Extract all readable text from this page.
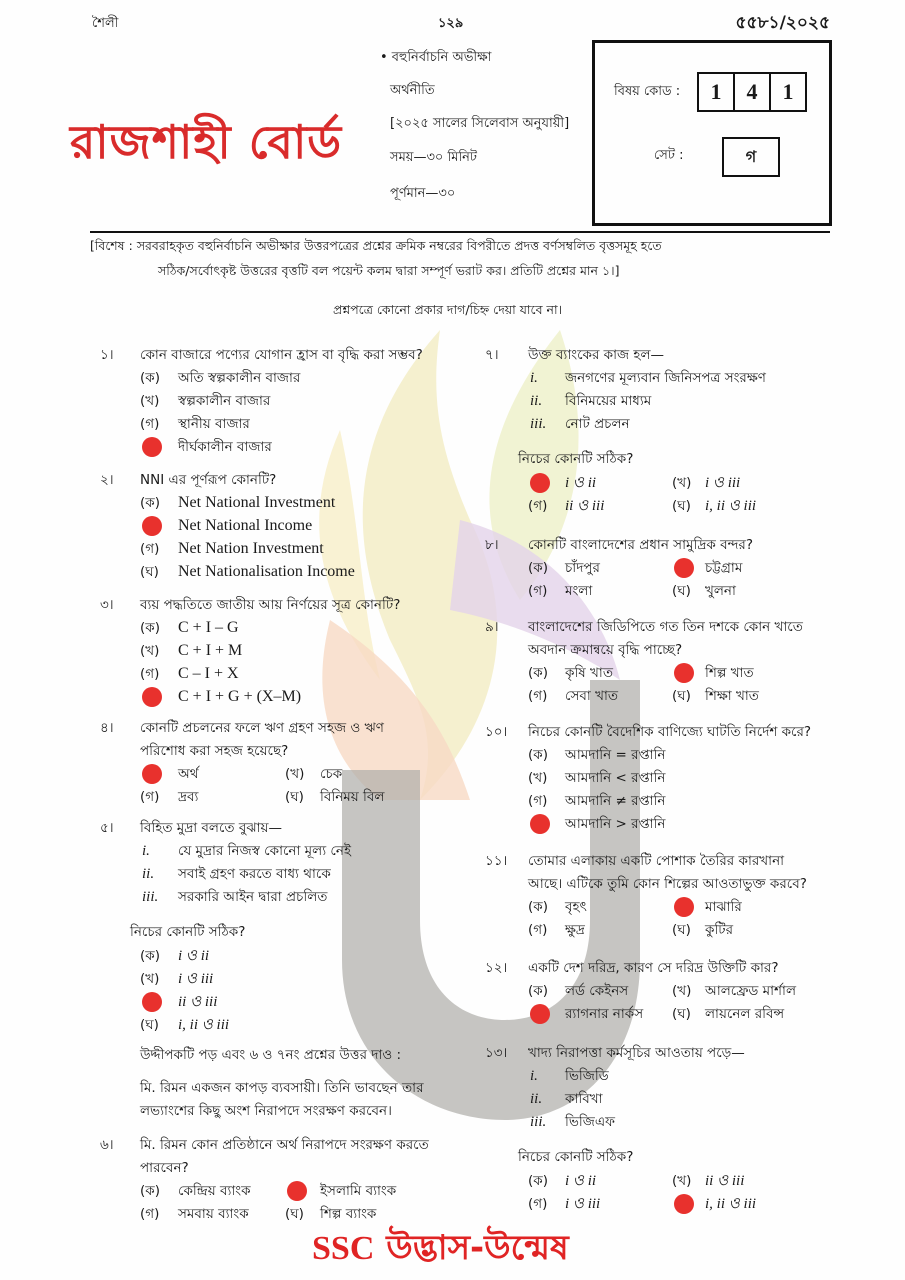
শৈলী	১২৯	৫৫৮১/২০২৫
রাজশাহী বোর্ড
• বহুনির্বাচনি অভীক্ষা
অর্থনীতি
[২০২৫ সালের সিলেবাস অনুযায়ী]
সময়—৩০ মিনিট
পূর্ণমান—৩০
বিষয় কোড :	1	4	1
সেট :	গ
[বিশেষ : সরবরাহকৃত বহুনির্বাচনি অভীক্ষার উত্তরপত্রের প্রশ্নের ক্রমিক নম্বরের বিপরীতে প্রদত্ত বর্ণসম্বলিত বৃত্তসমূহ হতে
সঠিক/সর্বোৎকৃষ্ট উত্তরের বৃত্তটি বল পয়েন্ট কলম দ্বারা সম্পূর্ণ ভরাট কর। প্রতিটি প্রশ্নের মান ১।]
প্রশ্নপত্রে কোনো প্রকার দাগ/চিহ্ন দেয়া যাবে না।
১। কোন বাজারে পণ্যের যোগান হ্রাস বা বৃদ্ধি করা সম্ভব?
(ক) অতি স্বল্পকালীন বাজার
(খ) স্বল্পকালীন বাজার
(গ) স্থানীয় বাজার
দীর্ঘকালীন বাজার
২। NNI এর পূর্ণরূপ কোনটি?
(ক) Net National Investment
Net National Income
(গ) Net Nation Investment
(ঘ) Net Nationalisation Income
৩। ব্যয় পদ্ধতিতে জাতীয় আয় নির্ণয়ের সূত্র কোনটি?
(ক) C + I – G
(খ) C + I + M
(গ) C – I + X
C + I + G + (X–M)
৪। কোনটি প্রচলনের ফলে ঋণ গ্রহণ সহজ ও ঋণ
পরিশোধ করা সহজ হয়েছে?
অর্থ	(খ) চেক
(গ) দ্রব্য	(ঘ) বিনিময় বিল
৫। বিহিত মুদ্রা বলতে বুঝায়—
i. যে মুদ্রার নিজস্ব কোনো মূল্য নেই
ii. সবাই গ্রহণ করতে বাধ্য থাকে
iii. সরকারি আইন দ্বারা প্রচলিত
নিচের কোনটি সঠিক?
(ক) i ও ii
(খ) i ও iii
ii ও iii
(ঘ) i, ii ও iii
৬। মি. রিমন কোন প্রতিষ্ঠানে অর্থ নিরাপদে সংরক্ষণ করতে
পারবেন?
(ক) কেন্দ্রিয় ব্যাংক	ইসলামি ব্যাংক
(গ) সমবায় ব্যাংক	(ঘ) শিল্প ব্যাংক
৭। উক্ত ব্যাংকের কাজ হল—
i. জনগণের মূল্যবান জিনিসপত্র সংরক্ষণ
ii. বিনিময়ের মাধ্যম
iii. নোট প্রচলন
নিচের কোনটি সঠিক?
i ও ii	(খ) i ও iii
(গ) ii ও iii	(ঘ) i, ii ও iii
৮। কোনটি বাংলাদেশের প্রধান সামুদ্রিক বন্দর?
(ক) চাঁদপুর	চট্টগ্রাম
(গ) মংলা	(ঘ) খুলনা
৯। বাংলাদেশের জিডিপিতে গত তিন দশকে কোন খাতে
অবদান ক্রমান্বয়ে বৃদ্ধি পাচ্ছে?
(ক) কৃষি খাত	শিল্প খাত
(গ) সেবা খাত	(ঘ) শিক্ষা খাত
১০। নিচের কোনটি বৈদেশিক বাণিজ্যে ঘাটতি নির্দেশ করে?
(ক) আমদানি = রপ্তানি
(খ) আমদানি < রপ্তানি
(গ) আমদানি ≠ রপ্তানি
আমদানি > রপ্তানি
১১। তোমার এলাকায় একটি পোশাক তৈরির কারখানা
আছে। এটিকে তুমি কোন শিল্পের আওতাভুক্ত করবে?
(ক) বৃহৎ	মাঝারি
(গ) ক্ষুদ্র	(ঘ) কুটির
১২। একটি দেশ দরিদ্র, কারণ সে দরিদ্র উক্তিটি কার?
(ক) লর্ড কেইনস	(খ) আলফ্রেড মার্শাল
র‍্যাগনার নার্কস (ঘ) লায়নেল রবিন্স
১৩। খাদ্য নিরাপত্তা কর্মসূচির আওতায় পড়ে—
i. ভিজিডি
ii. কাবিখা
iii. ভিজিএফ
নিচের কোনটি সঠিক?
(ক) i ও ii	(খ) ii ও iii
(গ) i ও iii	i, ii ও iii
উদ্দীপকটি পড় এবং ৬ ও ৭নং প্রশ্নের উত্তর দাও :
মি. রিমন একজন কাপড় ব্যবসায়ী। তিনি ভাবছেন তার
লভ্যাংশের কিছু অংশ নিরাপদে সংরক্ষণ করবেন।
SSC উদ্ভাস-উন্মেষ
